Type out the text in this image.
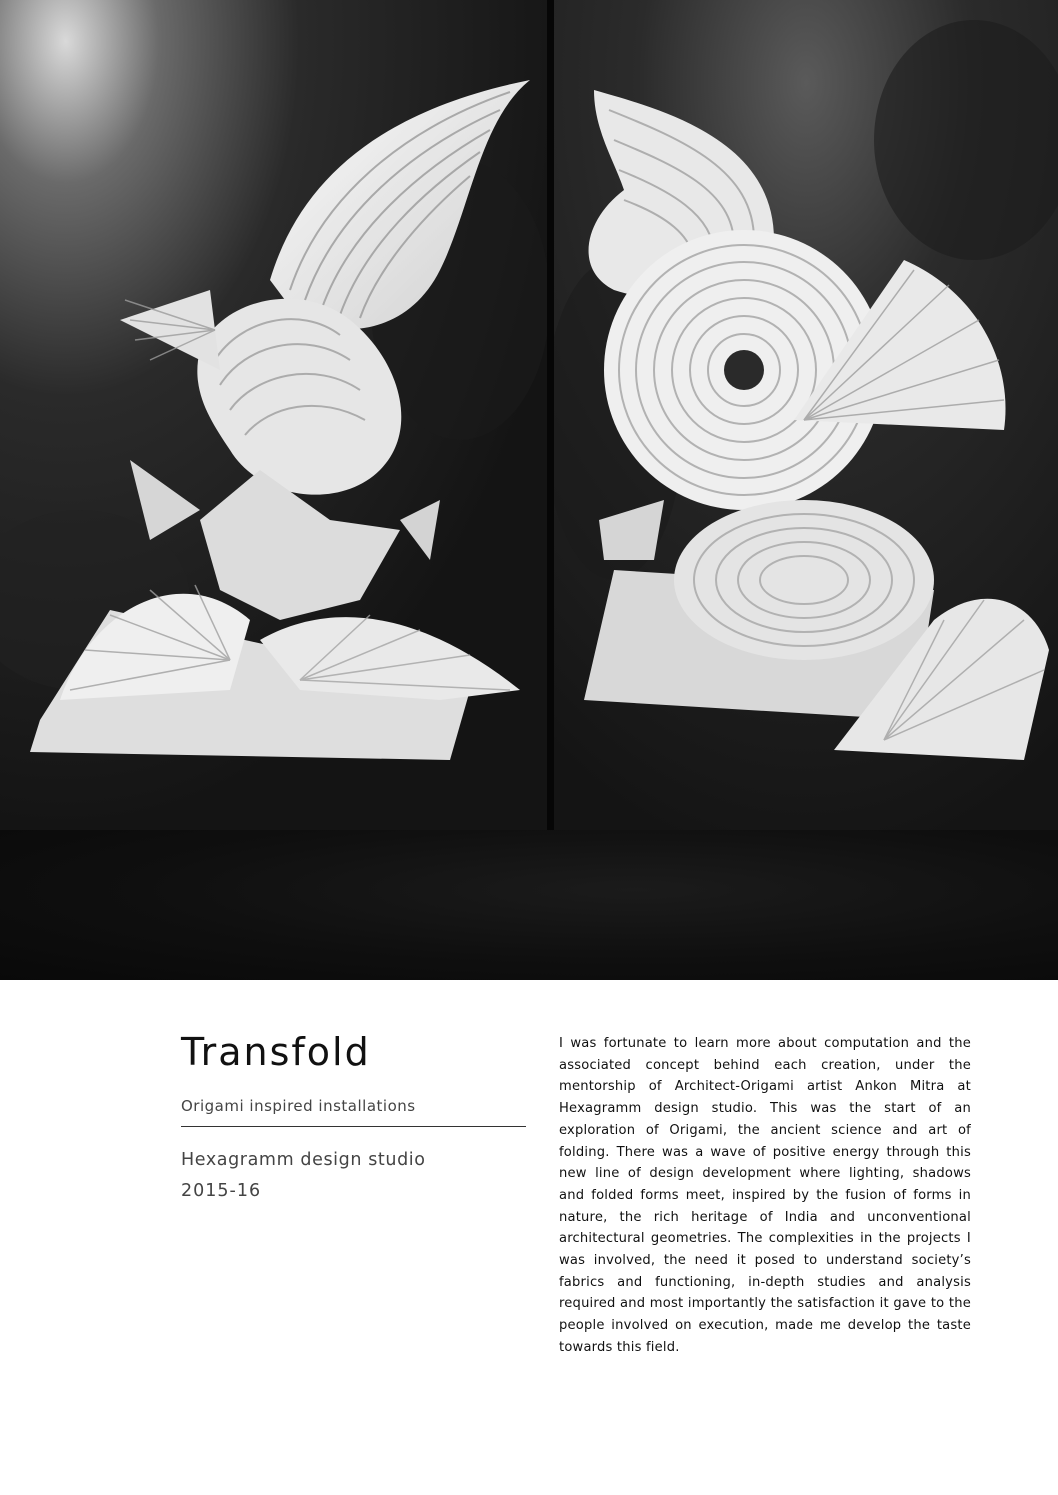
Transfold
Origami inspired installations
Hexagramm design studio
2015-16

I was fortunate to learn more about computation and the associated concept behind each creation, under the mentorship of Architect-Origami artist Ankon Mitra at Hexagramm design studio. This was the start of an exploration of Origami, the ancient science and art of folding. There was a wave of positive energy through this new line of design development where lighting, shadows and folded forms meet, inspired by the fusion of forms in nature, the rich heritage of India and unconventional architectural geometries. The complexities in the projects I was involved, the need it posed to understand society’s fabrics and functioning, in-depth studies and analysis required and most importantly the satisfaction it gave to the people involved on execution, made me develop the taste towards this field.
